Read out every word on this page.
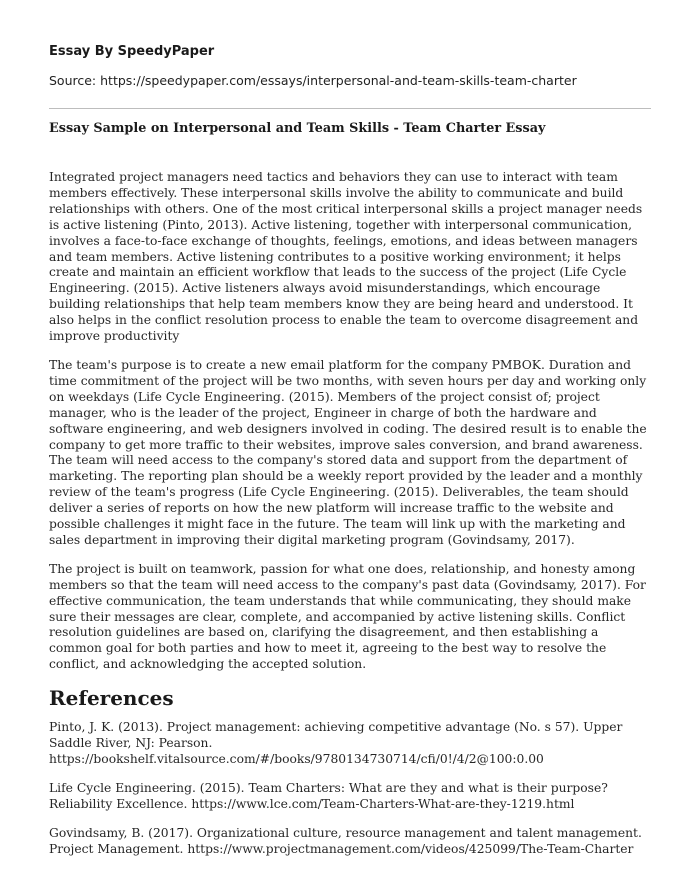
Essay By SpeedyPaper
Source: https://speedypaper.com/essays/interpersonal-and-team-skills-team-charter
Essay Sample on Interpersonal and Team Skills - Team Charter Essay

Integrated project managers need tactics and behaviors they can use to interact with team members effectively. These interpersonal skills involve the ability to communicate and build relationships with others. One of the most critical interpersonal skills a project manager needs is active listening (Pinto, 2013). Active listening, together with interpersonal communication, involves a face-to-face exchange of thoughts, feelings, emotions, and ideas between managers and team members. Active listening contributes to a positive working environment; it helps create and maintain an efficient workflow that leads to the success of the project (Life Cycle Engineering. (2015). Active listeners always avoid misunderstandings, which encourage building relationships that help team members know they are being heard and understood. It also helps in the conflict resolution process to enable the team to overcome disagreement and improve productivity

The team's purpose is to create a new email platform for the company PMBOK. Duration and time commitment of the project will be two months, with seven hours per day and working only on weekdays (Life Cycle Engineering. (2015). Members of the project consist of; project manager, who is the leader of the project, Engineer in charge of both the hardware and software engineering, and web designers involved in coding. The desired result is to enable the company to get more traffic to their websites, improve sales conversion, and brand awareness. The team will need access to the company's stored data and support from the department of marketing. The reporting plan should be a weekly report provided by the leader and a monthly review of the team's progress (Life Cycle Engineering. (2015). Deliverables, the team should deliver a series of reports on how the new platform will increase traffic to the website and possible challenges it might face in the future. The team will link up with the marketing and sales department in improving their digital marketing program (Govindsamy, 2017).

The project is built on teamwork, passion for what one does, relationship, and honesty among members so that the team will need access to the company's past data (Govindsamy, 2017). For effective communication, the team understands that while communicating, they should make sure their messages are clear, complete, and accompanied by active listening skills. Conflict resolution guidelines are based on, clarifying the disagreement, and then establishing a common goal for both parties and how to meet it, agreeing to the best way to resolve the conflict, and acknowledging the accepted solution.

References

Pinto, J. K. (2013). Project management: achieving competitive advantage (No. s 57). Upper Saddle River, NJ: Pearson. https://bookshelf.vitalsource.com/#/books/9780134730714/cfi/0!/4/2@100:0.00

Life Cycle Engineering. (2015). Team Charters: What are they and what is their purpose? Reliability Excellence. https://www.lce.com/Team-Charters-What-are-they-1219.html

Govindsamy, B. (2017). Organizational culture, resource management and talent management. Project Management. https://www.projectmanagement.com/videos/425099/The-Team-Charter
